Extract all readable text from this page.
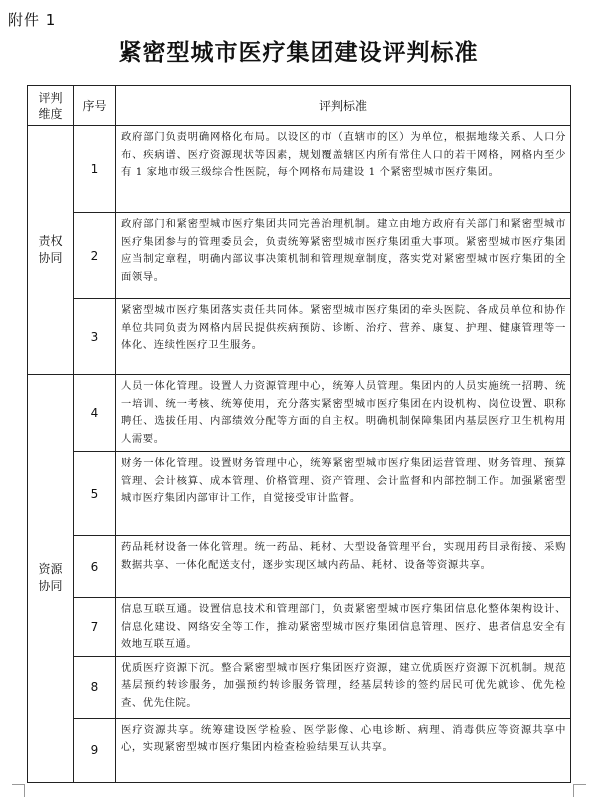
附件 1
紧密型城市医疗集团建设评判标准
评判
维度	序号	评判标准

责权
协同	1	政府部门负责明确网格化布局。以设区的市（直辖市的区）为单位，根据地缘关系、人口分布、疾病谱、医疗资源现状等因素，规划覆盖辖区内所有常住人口的若干网格，网格内至少有 1 家地市级三级综合性医院，每个网格布局建设 1 个紧密型城市医疗集团。
	2	政府部门和紧密型城市医疗集团共同完善治理机制。建立由地方政府有关部门和紧密型城市医疗集团参与的管理委员会，负责统筹紧密型城市医疗集团重大事项。紧密型城市医疗集团应当制定章程，明确内部议事决策机制和管理规章制度，落实党对紧密型城市医疗集团的全面领导。
	3	紧密型城市医疗集团落实责任共同体。紧密型城市医疗集团的牵头医院、各成员单位和协作单位共同负责为网格内居民提供疾病预防、诊断、治疗、营养、康复、护理、健康管理等一体化、连续性医疗卫生服务。

资源
协同	4	人员一体化管理。设置人力资源管理中心，统筹人员管理。集团内的人员实施统一招聘、统一培训、统一考核、统筹使用，充分落实紧密型城市医疗集团在内设机构、岗位设置、职称聘任、选拔任用、内部绩效分配等方面的自主权。明确机制保障集团内基层医疗卫生机构用人需要。
	5	财务一体化管理。设置财务管理中心，统筹紧密型城市医疗集团运营管理、财务管理、预算管理、会计核算、成本管理、价格管理、资产管理、会计监督和内部控制工作。加强紧密型城市医疗集团内部审计工作，自觉接受审计监督。
	6	药品耗材设备一体化管理。统一药品、耗材、大型设备管理平台，实现用药目录衔接、采购数据共享、一体化配送支付，逐步实现区域内药品、耗材、设备等资源共享。
	7	信息互联互通。设置信息技术和管理部门，负责紧密型城市医疗集团信息化整体架构设计、信息化建设、网络安全等工作，推动紧密型城市医疗集团信息管理、医疗、患者信息安全有效地互联互通。
	8	优质医疗资源下沉。整合紧密型城市医疗集团医疗资源，建立优质医疗资源下沉机制。规范基层预约转诊服务，加强预约转诊服务管理，经基层转诊的签约居民可优先就诊、优先检查、优先住院。
	9	医疗资源共享。统筹建设医学检验、医学影像、心电诊断、病理、消毒供应等资源共享中心，实现紧密型城市医疗集团内检查检验结果互认共享。
